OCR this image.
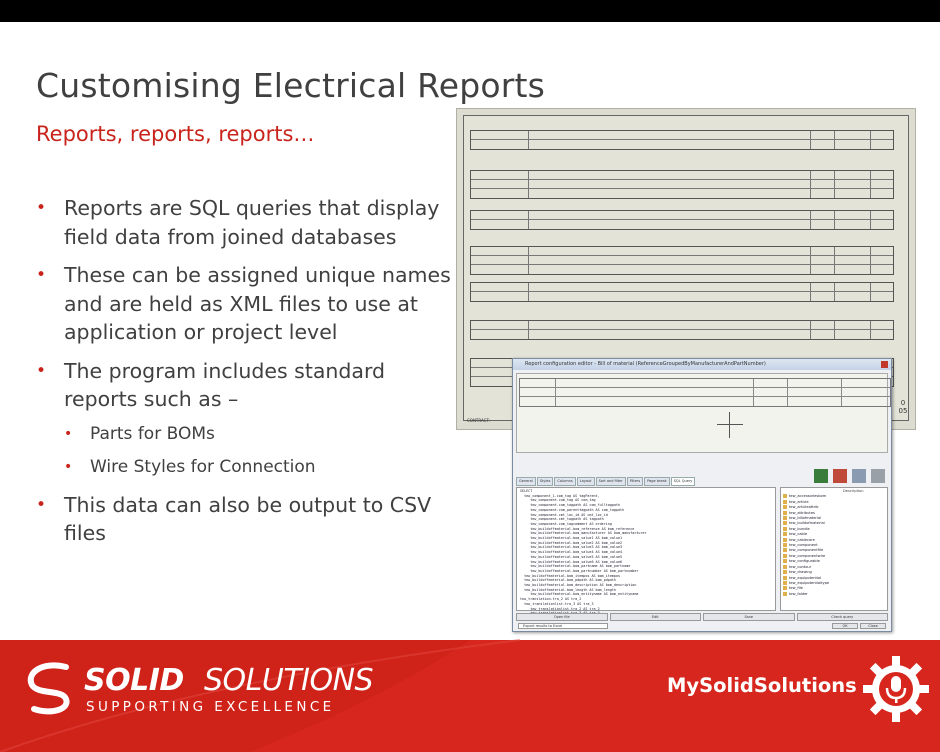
Customising Electrical Reports
Reports, reports, reports…
• Reports are SQL queries that display field data from joined databases
• These can be assigned unique names and are held as XML files to use at application or project level
• The program includes standard reports such as –
• Parts for BOMs
• Wire Styles for Connection
• This data can also be output to CSV files
0
05
CONTRACT:
Report configuration editor - Bill of material (ReferenceGroupedByManufacturerAndPartNumber)
General	Styles	Columns	Layout	Sort and filter	Filters	Page break	SQL Query
SELECT
tew_component_1.com_tag AS tagParent,
tew_component.com_tag AS com_tag
tew_component.com_tagpath AS com_fulltagpath
tew_component.com_parenttagpath AS com_tagpath
tew_component.cmt_loc_id AS cmt_loc_id
tew_component.cmt_tagpath AS tagpath
tew_component.com_tagcomment AS ordering
tew_buildoffmaterial.bom_reference AS bom_reference
tew_buildoffmaterial.bom_manufacturer AS bom_manufacturer
tew_buildoffmaterial.bom_value1 AS bom_value1
tew_buildoffmaterial.bom_value2 AS bom_value2
tew_buildoffmaterial.bom_value3 AS bom_value3
tew_buildoffmaterial.bom_value4 AS bom_value4
tew_buildoffmaterial.bom_value5 AS bom_value5
tew_buildoffmaterial.bom_value6 AS bom_value6
tew_buildoffmaterial.bom_partname AS bom_partname
tew_buildoffmaterial.bom_partnumber AS bom_partnumber
tew_buildoffmaterial.bom_itempos AS bom_itempos
tew_buildoffmaterial.bom_pdpath AS bom_pdpath
tew_buildoffmaterial.bom_description AS bom_description
tew_buildoffmaterial.bom_length AS bom_length
tew_buildoffmaterial.bom_entityname AS bom_entityname
tew_translation.tra_2 AS tra_2
tew_translationlist.tra_3 AS tra_3
tew_translationlist.tra_2 AS tra_2
Description
tew_accessoriesbom
tew_article
tew_articleattrib
tew_attributes
tew_billofmaterial
tew_buildofmaterial
tew_bundle
tew_cable
tew_cablecore
tew_component
tew_componentfile
tew_componentwire
tew_configurable
tew_contour
tew_drawing
tew_equipotential
tew_equipotentialtype
tew_file
tew_folder
Open file	Edit	Save	Check query
Export results to Excel	OK	Close
SOLID SOLUTIONS
SUPPORTING EXCELLENCE
MySolidSolutions
